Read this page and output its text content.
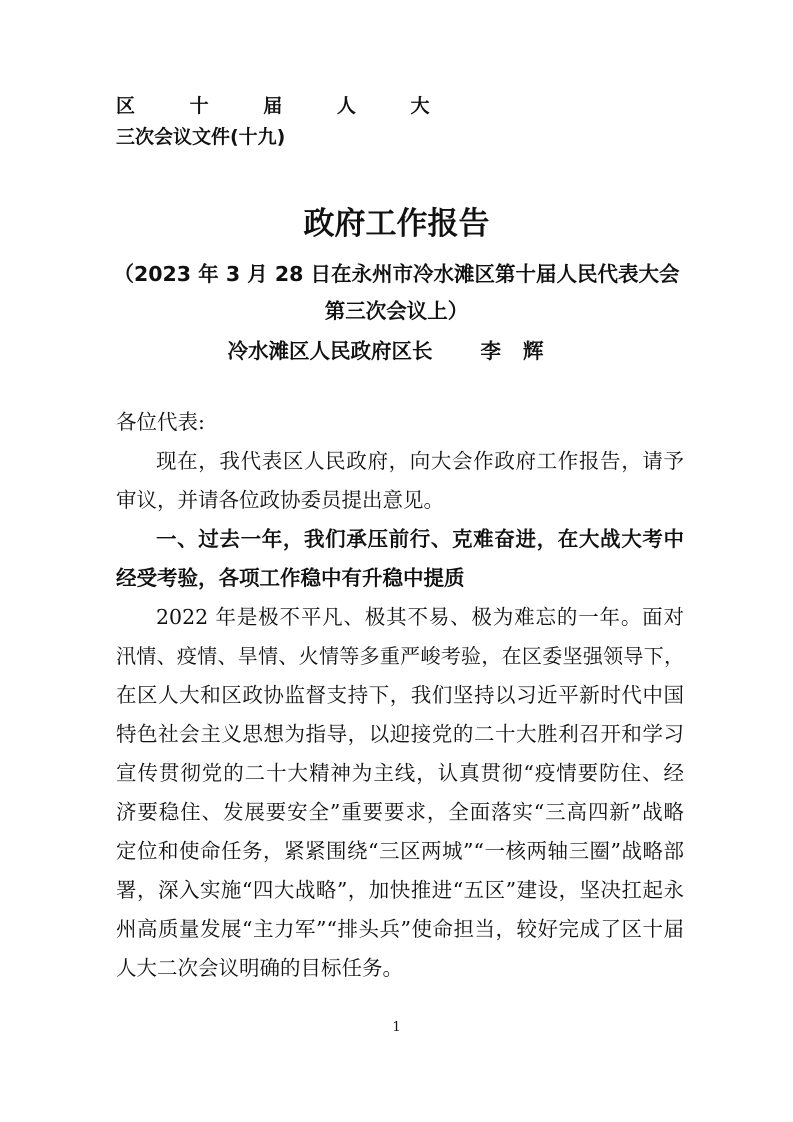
区 十 届 人 大
三次会议文件(十九)
政府工作报告
（2023 年 3 月 28 日在永州市冷水滩区第十届人民代表大会
第三次会议上）
冷水滩区人民政府区长 李辉
各位代表:
现在，我代表区人民政府，向大会作政府工作报告，请予
审议，并请各位政协委员提出意见。
一、过去一年，我们承压前行、克难奋进，在大战大考中
经受考验，各项工作稳中有升稳中提质
2022 年是极不平凡、极其不易、极为难忘的一年。面对
汛情、疫情、旱情、火情等多重严峻考验，在区委坚强领导下，
在区人大和区政协监督支持下，我们坚持以习近平新时代中国
特色社会主义思想为指导，以迎接党的二十大胜利召开和学习
宣传贯彻党的二十大精神为主线，认真贯彻“疫情要防住、经
济要稳住、发展要安全”重要要求，全面落实“三高四新”战略
定位和使命任务，紧紧围绕“三区两城”“一核两轴三圈”战略部
署，深入实施“四大战略”，加快推进“五区”建设，坚决扛起永
州高质量发展“主力军”“排头兵”使命担当，较好完成了区十届
人大二次会议明确的目标任务。
1
